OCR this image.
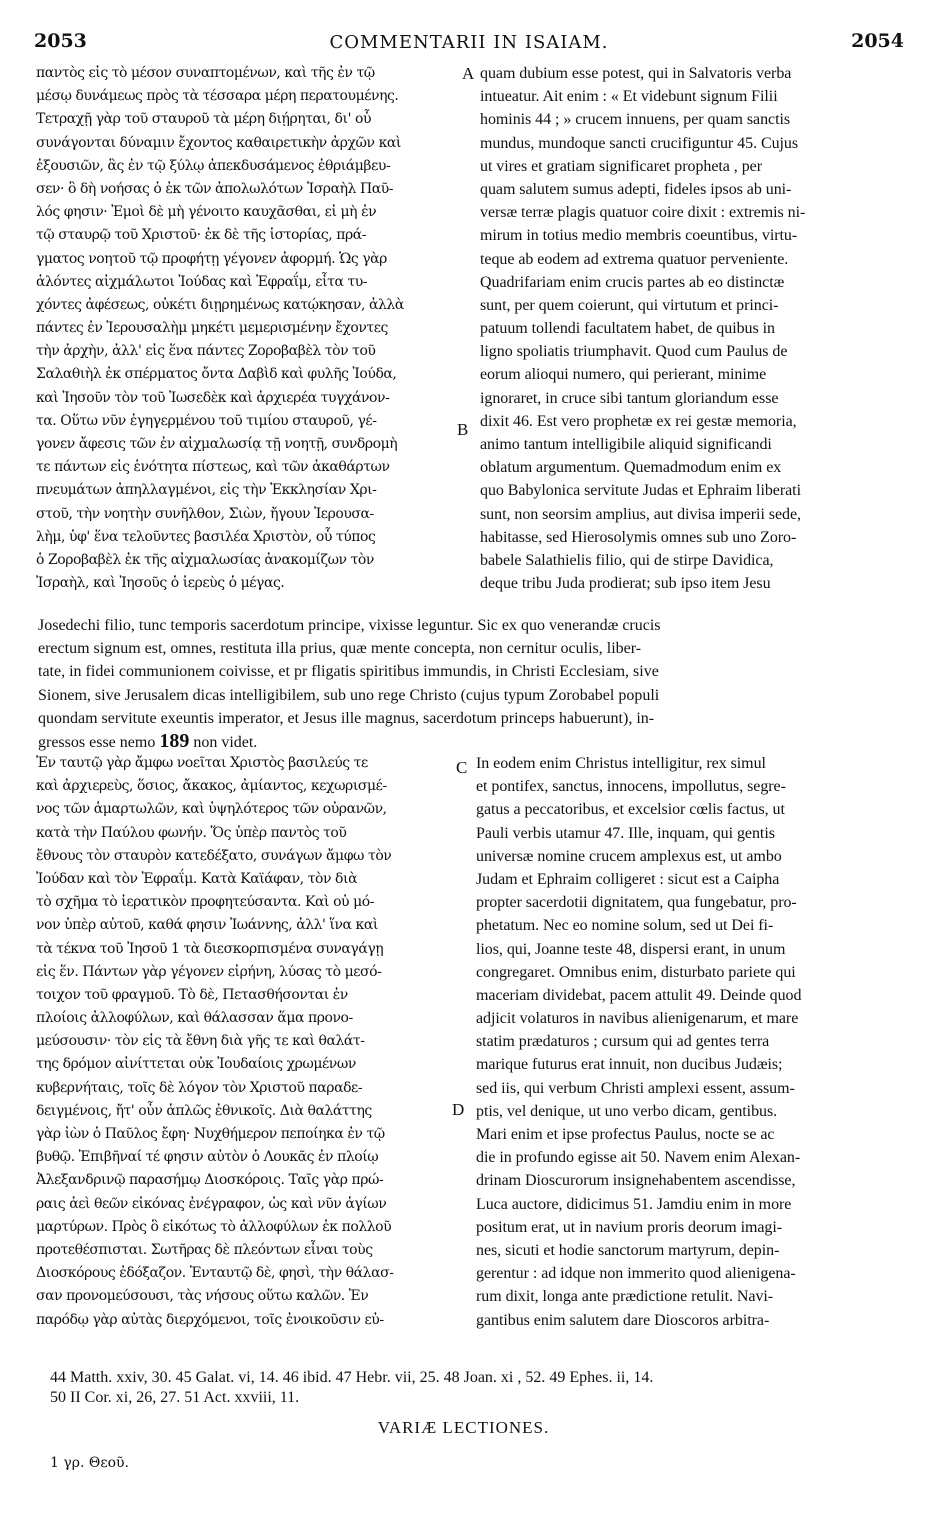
2053	COMMENTARII IN ISAIAM.	2054
A
B
C
D
παντὸς εἰς τὸ μέσον συναπτομένων, καὶ τῆς ἐν τῷ
μέσῳ δυνάμεως πρὸς τὰ τέσσαρα μέρη περατουμένης.
Τετραχῇ γὰρ τοῦ σταυροῦ τὰ μέρη διῄρηται, δι' οὗ
συνάγονται δύναμιν ἔχοντος καθαιρετικὴν ἀρχῶν καὶ
ἐξουσιῶν, ἃς ἐν τῷ ξύλῳ ἀπεκδυσάμενος ἐθριάμβευ-
σεν· ὃ δὴ νοήσας ὁ ἐκ τῶν ἀπολωλότων Ἰσραὴλ Παῦ-
λός φησιν· Ἐμοὶ δὲ μὴ γένοιτο καυχᾶσθαι, εἰ μὴ ἐν
τῷ σταυρῷ τοῦ Χριστοῦ· ἐκ δὲ τῆς ἱστορίας, πρά-
γματος νοητοῦ τῷ προφήτῃ γέγονεν ἀφορμή. Ὡς γὰρ
ἁλόντες αἰχμάλωτοι Ἰούδας καὶ Ἐφραΐμ, εἶτα τυ-
χόντες ἀφέσεως, οὐκέτι διῃρημένως κατῴκησαν, ἀλλὰ
πάντες ἐν Ἱερουσαλὴμ μηκέτι μεμερισμένην ἔχοντες
τὴν ἀρχὴν, ἀλλ' εἰς ἕνα πάντες Ζοροβαβὲλ τὸν τοῦ
Σαλαθιὴλ ἐκ σπέρματος ὄντα Δαβὶδ καὶ φυλῆς Ἰούδα,
καὶ Ἰησοῦν τὸν τοῦ Ἰωσεδὲκ καὶ ἀρχιερέα τυγχάνον-
τα. Οὕτω νῦν ἐγηγερμένου τοῦ τιμίου σταυροῦ, γέ-
γονεν ἄφεσις τῶν ἐν αἰχμαλωσίᾳ τῇ νοητῇ, συνδρομὴ
τε πάντων εἰς ἑνότητα πίστεως, καὶ τῶν ἀκαθάρτων
πνευμάτων ἀπηλλαγμένοι, εἰς τὴν Ἐκκλησίαν Χρι-
στοῦ, τὴν νοητὴν συνῆλθον, Σιὼν, ἤγουν Ἱερουσα-
λὴμ, ὑφ' ἕνα τελοῦντες βασιλέα Χριστὸν, οὗ τύπος
ὁ Ζοροβαβὲλ ἐκ τῆς αἰχμαλωσίας ἀνακομίζων τὸν
Ἰσραὴλ, καὶ Ἰησοῦς ὁ ἱερεὺς ὁ μέγας.
quam dubium esse potest, qui in Salvatoris verba
intueatur. Ait enim : « Et videbunt signum Filii
hominis 44 ; » crucem innuens, per quam sanctis
mundus, mundoque sancti crucifiguntur 45. Cujus
ut vires et gratiam significaret propheta , per
quam salutem sumus adepti, fideles ipsos ab uni-
versæ terræ plagis quatuor coire dixit : extremis ni-
mirum in totius medio membris coeuntibus, virtu-
teque ab eodem ad extrema quatuor perveniente.
Quadrifariam enim crucis partes ab eo distinctæ
sunt, per quem coierunt, qui virtutum et princi-
patuum tollendi facultatem habet, de quibus in
ligno spoliatis triumphavit. Quod cum Paulus de
eorum alioqui numero, qui perierant, minime
ignoraret, in cruce sibi tantum gloriandum esse
dixit 46. Est vero prophetæ ex rei gestæ memoria,
animo tantum intelligibile aliquid significandi
oblatum argumentum. Quemadmodum enim ex
quo Babylonica servitute Judas et Ephraim liberati
sunt, non seorsim amplius, aut divisa imperii sede,
habitasse, sed Hierosolymis omnes sub uno Zoro-
babele Salathielis filio, qui de stirpe Davidica,
deque tribu Juda prodierat; sub ipso item Jesu
Josedechi filio, tunc temporis sacerdotum principe, vixisse leguntur. Sic ex quo venerandæ crucis
erectum signum est, omnes, restituta illa prius, quæ mente concepta, non cernitur oculis, liber-
tate, in fidei communionem coivisse, et pr fligatis spiritibus immundis, in Christi Ecclesiam, sive
Sionem, sive Jerusalem dicas intelligibilem, sub uno rege Christo (cujus typum Zorobabel populi
quondam servitute exeuntis imperator, et Jesus ille magnus, sacerdotum princeps habuerunt), in-
gressos esse nemo 189 non videt.
Ἐν ταυτῷ γὰρ ἄμφω νοεῖται Χριστὸς βασιλεύς τε
καὶ ἀρχιερεὺς, ὅσιος, ἄκακος, ἀμίαντος, κεχωρισμέ-
νος τῶν ἁμαρτωλῶν, καὶ ὑψηλότερος τῶν οὐρανῶν,
κατὰ τὴν Παύλου φωνήν. Ὅς ὑπὲρ παντὸς τοῦ
ἔθνους τὸν σταυρὸν κατεδέξατο, συνάγων ἄμφω τὸν
Ἰούδαν καὶ τὸν Ἐφραΐμ. Κατὰ Καϊάφαν, τὸν διὰ
τὸ σχῆμα τὸ ἱερατικὸν προφητεύσαντα. Καὶ οὐ μό-
νον ὑπὲρ αὐτοῦ, καθά φησιν Ἰωάννης, ἀλλ' ἵνα καὶ
τὰ τέκνα τοῦ Ἰησοῦ 1 τὰ διεσκορπισμένα συναγάγῃ
εἰς ἕν. Πάντων γὰρ γέγονεν εἰρήνη, λύσας τὸ μεσό-
τοιχον τοῦ φραγμοῦ. Τὸ δὲ, Πετασθήσονται ἐν
πλοίοις ἀλλοφύλων, καὶ θάλασσαν ἅμα προνο-
μεύσουσιν· τὸν εἰς τὰ ἔθνη διὰ γῆς τε καὶ θαλάτ-
της δρόμον αἰνίττεται οὐκ Ἰουδαίοις χρωμένων
κυβερνήταις, τοῖς δὲ λόγον τὸν Χριστοῦ παραδε-
δειγμένοις, ἤτ' οὖν ἁπλῶς ἐθνικοῖς. Διὰ θαλάττης
γὰρ ἰὼν ὁ Παῦλος ἔφη· Νυχθήμερον πεποίηκα ἐν τῷ
βυθῷ. Ἐπιβῆναί τέ φησιν αὐτὸν ὁ Λουκᾶς ἐν πλοίῳ
Ἀλεξανδρινῷ παρασήμῳ Διοσκόροις. Ταῖς γὰρ πρώ-
ραις ἀεὶ θεῶν εἰκόνας ἐνέγραφον, ὡς καὶ νῦν ἁγίων
μαρτύρων. Πρὸς ὃ εἰκότως τὸ ἀλλοφύλων ἐκ πολλοῦ
προτεθέσπισται. Σωτῆρας δὲ πλεόντων εἶναι τοὺς
Διοσκόρους ἐδόξαζον. Ἐνταυτῷ δὲ, φησὶ, τὴν θάλασ-
σαν προνομεύσουσι, τὰς νήσους οὕτω καλῶν. Ἐν
παρόδῳ γὰρ αὐτὰς διερχόμενοι, τοῖς ἐνοικοῦσιν εὐ-
In eodem enim Christus intelligitur, rex simul
et pontifex, sanctus, innocens, impollutus, segre-
gatus a peccatoribus, et excelsior cœlis factus, ut
Pauli verbis utamur 47. Ille, inquam, qui gentis
universæ nomine crucem amplexus est, ut ambo
Judam et Ephraim colligeret : sicut est a Caipha
propter sacerdotii dignitatem, qua fungebatur, pro-
phetatum. Nec eo nomine solum, sed ut Dei fi-
lios, qui, Joanne teste 48, dispersi erant, in unum
congregaret. Omnibus enim, disturbato pariete qui
maceriam dividebat, pacem attulit 49. Deinde quod
adjicit volaturos in navibus alienigenarum, et mare
statim prædaturos ; cursum qui ad gentes terra
marique futurus erat innuit, non ducibus Judæis;
sed iis, qui verbum Christi amplexi essent, assum-
ptis, vel denique, ut uno verbo dicam, gentibus.
Mari enim et ipse profectus Paulus, nocte se ac
die in profundo egisse ait 50. Navem enim Alexan-
drinam Dioscurorum insignehabentem ascendisse,
Luca auctore, didicimus 51. Jamdiu enim in more
positum erat, ut in navium proris deorum imagi-
nes, sicuti et hodie sanctorum martyrum, depin-
gerentur : ad idque non immerito quod alienigena-
rum dixit, longa ante prædictione retulit. Navi-
gantibus enim salutem dare Dioscoros arbitra-
44 Matth. xxiv, 30. 45 Galat. vi, 14. 46 ibid. 47 Hebr. vii, 25. 48 Joan. xi , 52. 49 Ephes. ii, 14.
50 II Cor. xi, 26, 27. 51 Act. xxviii, 11.
VARIÆ LECTIONES.
1 γρ. Θεοῦ.
